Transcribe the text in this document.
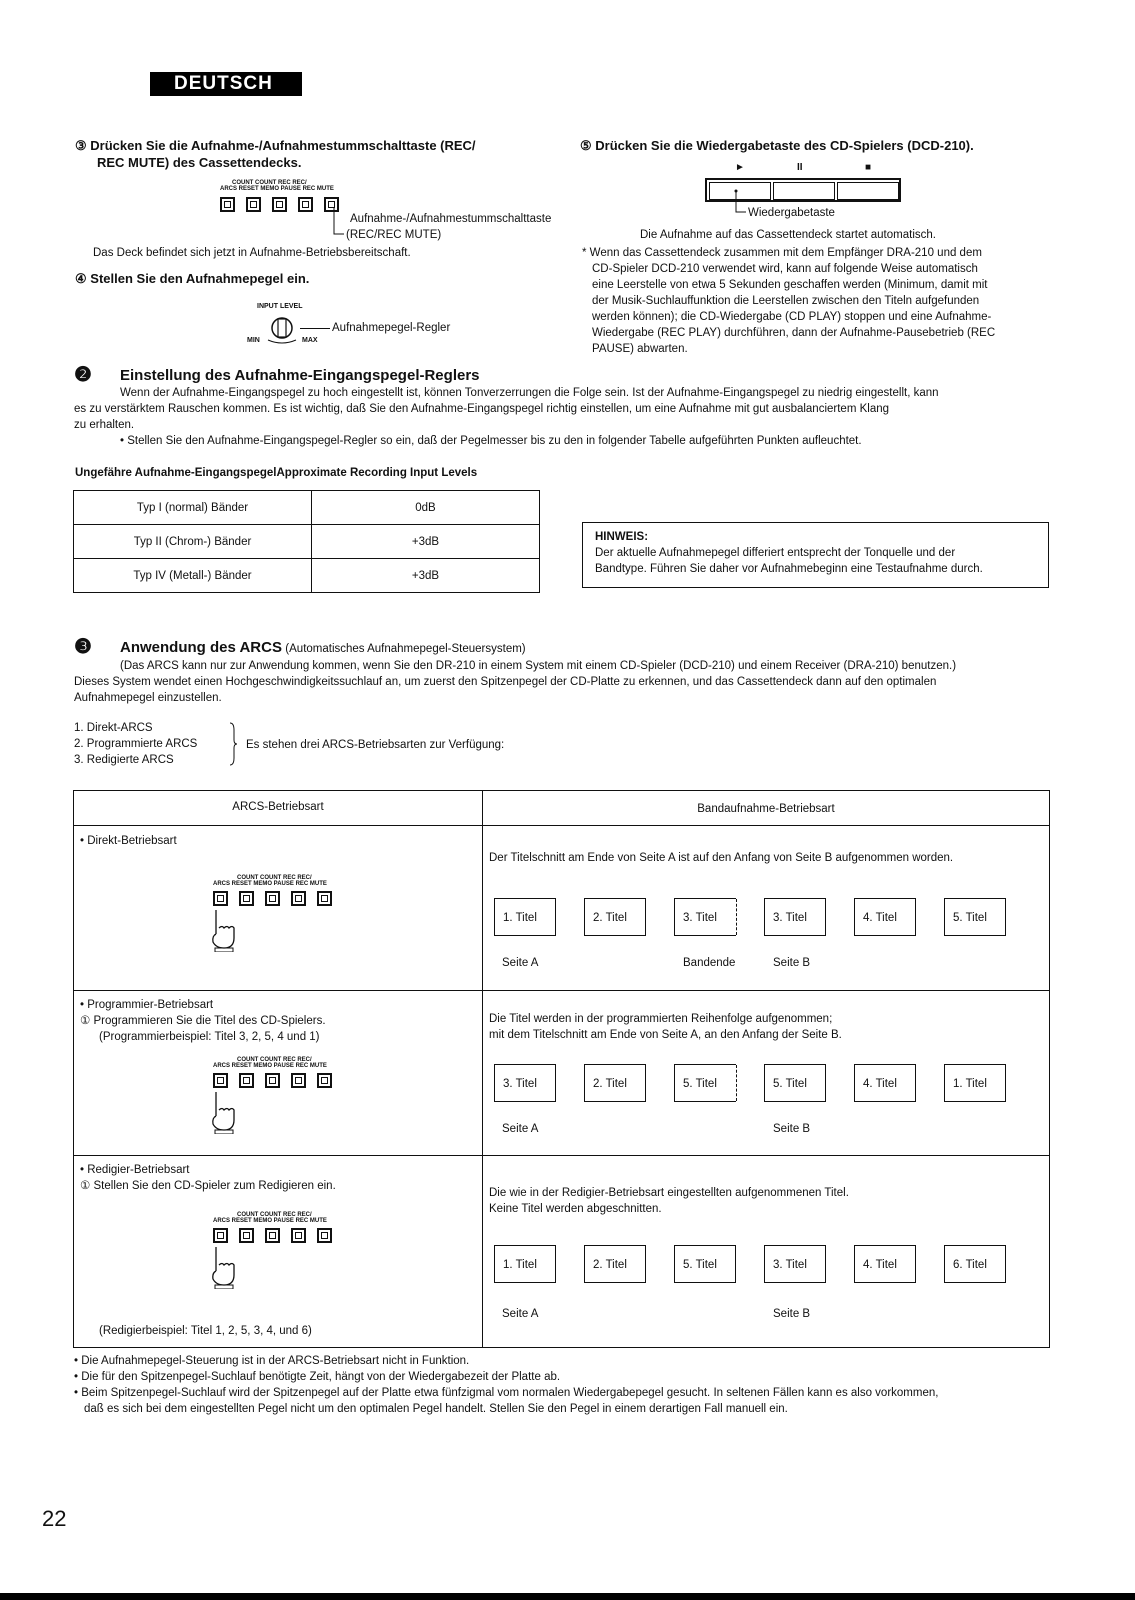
DEUTSCH
③ Drücken Sie die Aufnahme-/Aufnahmestummschalttaste (REC/
REC MUTE) des Cassettendecks.
COUNT COUNT REC REC/
ARCS RESET MEMO PAUSE REC MUTE
Aufnahme-/Aufnahmestummschalttaste
(REC/REC MUTE)
Das Deck befindet sich jetzt in Aufnahme-Betriebsbereitschaft.
④ Stellen Sie den Aufnahmepegel ein.
INPUT LEVEL
MIN	MAX
Aufnahmepegel-Regler
⑤ Drücken Sie die Wiedergabetaste des CD-Spielers (DCD-210).
►	II	■
Wiedergabetaste
Die Aufnahme auf das Cassettendeck startet automatisch.
* Wenn das Cassettendeck zusammen mit dem Empfänger DRA-210 und dem
CD-Spieler DCD-210 verwendet wird, kann auf folgende Weise automatisch
eine Leerstelle von etwa 5 Sekunden geschaffen werden (Minimum, damit mit
der Musik-Suchlauffunktion die Leerstellen zwischen den Titeln aufgefunden
werden können); die CD-Wiedergabe (CD PLAY) stoppen und eine Aufnahme-
Wiedergabe (REC PLAY) durchführen, dann der Aufnahme-Pausebetrieb (REC
PAUSE) abwarten.
❷ Einstellung des Aufnahme-Eingangspegel-Reglers
Wenn der Aufnahme-Eingangspegel zu hoch eingestellt ist, können Tonverzerrungen die Folge sein. Ist der Aufnahme-Eingangspegel zu niedrig eingestellt, kann
es zu verstärktem Rauschen kommen. Es ist wichtig, daß Sie den Aufnahme-Eingangspegel richtig einstellen, um eine Aufnahme mit gut ausbalanciertem Klang
zu erhalten.
• Stellen Sie den Aufnahme-Eingangspegel-Regler so ein, daß der Pegelmesser bis zu den in folgender Tabelle aufgeführten Punkten aufleuchtet.
Ungefähre Aufnahme-EingangspegelApproximate Recording Input Levels
Typ I (normal) Bänder	0dB
Typ II (Chrom-) Bänder	+3dB
Typ IV (Metall-) Bänder	+3dB
HINWEIS:
Der aktuelle Aufnahmepegel differiert entsprecht der Tonquelle und der
Bandtype. Führen Sie daher vor Aufnahmebeginn eine Testaufnahme durch.
❸ Anwendung des ARCS (Automatisches Aufnahmepegel-Steuersystem)
(Das ARCS kann nur zur Anwendung kommen, wenn Sie den DR-210 in einem System mit einem CD-Spieler (DCD-210) und einem Receiver (DRA-210) benutzen.)
Dieses System wendet einen Hochgeschwindigkeitssuchlauf an, um zuerst den Spitzenpegel der CD-Platte zu erkennen, und das Cassettendeck dann auf den optimalen
Aufnahmepegel einzustellen.
1. Direkt-ARCS
2. Programmierte ARCS
3. Redigierte ARCS
Es stehen drei ARCS-Betriebsarten zur Verfügung:
ARCS-Betriebsart	Bandaufnahme-Betriebsart
• Direkt-Betriebsart
COUNT COUNT REC REC/
ARCS RESET MEMO PAUSE REC MUTE
Der Titelschnitt am Ende von Seite A ist auf den Anfang von Seite B aufgenommen worden.
1. Titel	2. Titel	3. Titel	3. Titel	4. Titel	5. Titel
Seite A	Bandende	Seite B
• Programmier-Betriebsart
① Programmieren Sie die Titel des CD-Spielers.
(Programmierbeispiel: Titel 3, 2, 5, 4 und 1)
COUNT COUNT REC REC/
ARCS RESET MEMO PAUSE REC MUTE
Die Titel werden in der programmierten Reihenfolge aufgenommen;
mit dem Titelschnitt am Ende von Seite A, an den Anfang der Seite B.
3. Titel	2. Titel	5. Titel	5. Titel	4. Titel	1. Titel
Seite A	Seite B
• Redigier-Betriebsart
① Stellen Sie den CD-Spieler zum Redigieren ein.
COUNT COUNT REC REC/
ARCS RESET MEMO PAUSE REC MUTE
(Redigierbeispiel: Titel 1, 2, 5, 3, 4, und 6)
Die wie in der Redigier-Betriebsart eingestellten aufgenommenen Titel.
Keine Titel werden abgeschnitten.
1. Titel	2. Titel	5. Titel	3. Titel	4. Titel	6. Titel
Seite A	Seite B
• Die Aufnahmepegel-Steuerung ist in der ARCS-Betriebsart nicht in Funktion.
• Die für den Spitzenpegel-Suchlauf benötigte Zeit, hängt von der Wiedergabezeit der Platte ab.
• Beim Spitzenpegel-Suchlauf wird der Spitzenpegel auf der Platte etwa fünfzigmal vom normalen Wiedergabepegel gesucht. In seltenen Fällen kann es also vorkommen,
daß es sich bei dem eingestellten Pegel nicht um den optimalen Pegel handelt. Stellen Sie den Pegel in einem derartigen Fall manuell ein.
22
